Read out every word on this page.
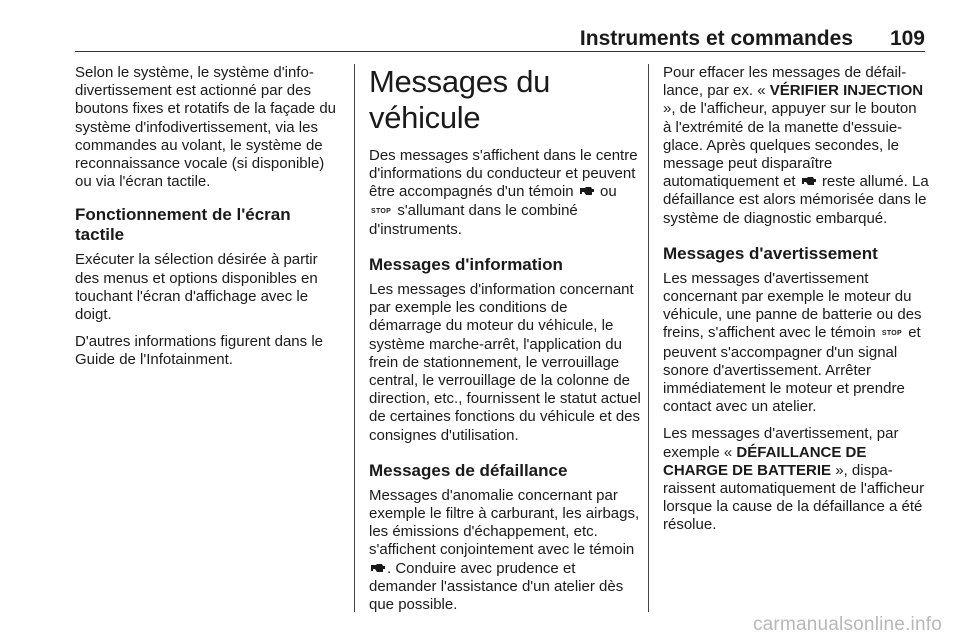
Instruments et commandes 109

Selon le système, le système d'infodivertissement est actionné par des boutons fixes et rotatifs de la façade du système d'infodivertissement, via les commandes au volant, le système de reconnaissance vocale (si disponible) ou via l'écran tactile.

Fonctionnement de l'écran tactile

Exécuter la sélection désirée à partir des menus et options disponibles en touchant l'écran d'affichage avec le doigt.

D'autres informations figurent dans le Guide de l'Infotainment.

Messages du véhicule

Des messages s'affichent dans le centre d'informations du conducteur et peuvent être accompagnés d'un témoin ou STOP s'allumant dans le combiné d'instruments.

Messages d'information

Les messages d'information concernant par exemple les conditions de démarrage du moteur du véhicule, le système marche-arrêt, l'application du frein de stationnement, le verrouillage central, le verrouillage de la colonne de direction, etc., fournissent le statut actuel de certaines fonctions du véhicule et des consignes d'utilisation.

Messages de défaillance

Messages d'anomalie concernant par exemple le filtre à carburant, les airbags, les émissions d'échappement, etc. s'affichent conjointement avec le témoin . Conduire avec prudence et demander l'assistance d'un atelier dès que possible.

Pour effacer les messages de défaillance, par ex. « VÉRIFIER INJECTION », de l'afficheur, appuyer sur le bouton à l'extrémité de la manette d'essuie-glace. Après quelques secondes, le message peut disparaître automatiquement et reste allumé. La défaillance est alors mémorisée dans le système de diagnostic embarqué.

Messages d'avertissement

Les messages d'avertissement concernant par exemple le moteur du véhicule, une panne de batterie ou des freins, s'affichent avec le témoin STOP et peuvent s'accompagner d'un signal sonore d'avertissement. Arrêter immédiatement le moteur et prendre contact avec un atelier.

Les messages d'avertissement, par exemple « DÉFAILLANCE DE CHARGE DE BATTERIE », disparaissent automatiquement de l'afficheur lorsque la cause de la défaillance a été résolue.

carmanualsonline.info
